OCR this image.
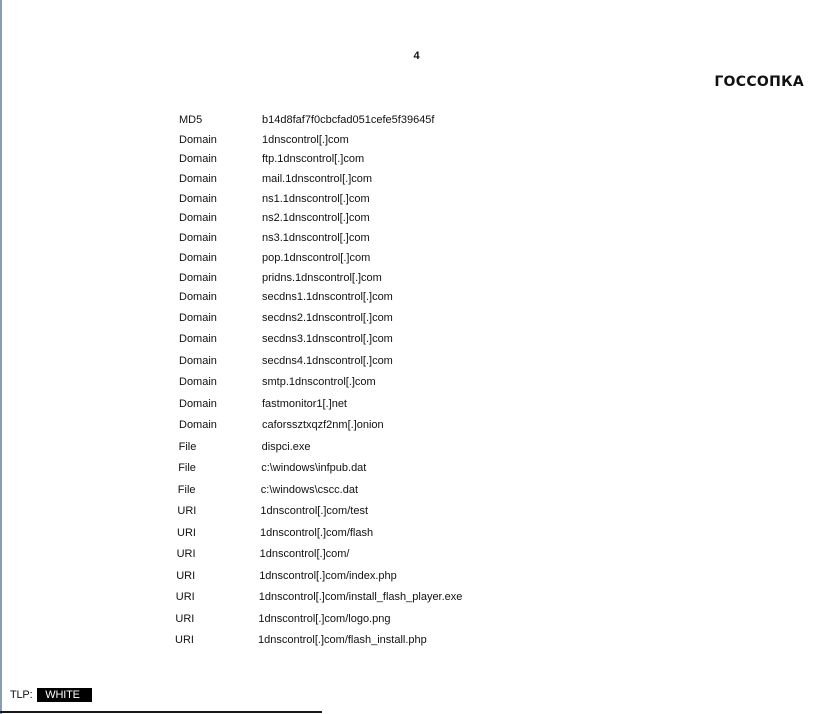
4
ГОССОПКА
MD5	b14d8faf7f0cbcfad051cefe5f39645f
Domain	1dnscontrol[.]com
Domain	ftp.1dnscontrol[.]com
Domain	mail.1dnscontrol[.]com
Domain	ns1.1dnscontrol[.]com
Domain	ns2.1dnscontrol[.]com
Domain	ns3.1dnscontrol[.]com
Domain	pop.1dnscontrol[.]com
Domain	pridns.1dnscontrol[.]com
Domain	secdns1.1dnscontrol[.]com
Domain	secdns2.1dnscontrol[.]com
Domain	secdns3.1dnscontrol[.]com
Domain	secdns4.1dnscontrol[.]com
Domain	smtp.1dnscontrol[.]com
Domain	fastmonitor1[.]net
Domain	caforssztxqzf2nm[.]onion
File	dispci.exe
File	c:\windows\infpub.dat
File	c:\windows\cscc.dat
URI	1dnscontrol[.]com/test
URI	1dnscontrol[.]com/flash
URI	1dnscontrol[.]com/
URI	1dnscontrol[.]com/index.php
URI	1dnscontrol[.]com/install_flash_player.exe
URI	1dnscontrol[.]com/logo.png
URI	1dnscontrol[.]com/flash_install.php
TLP: WHITE
